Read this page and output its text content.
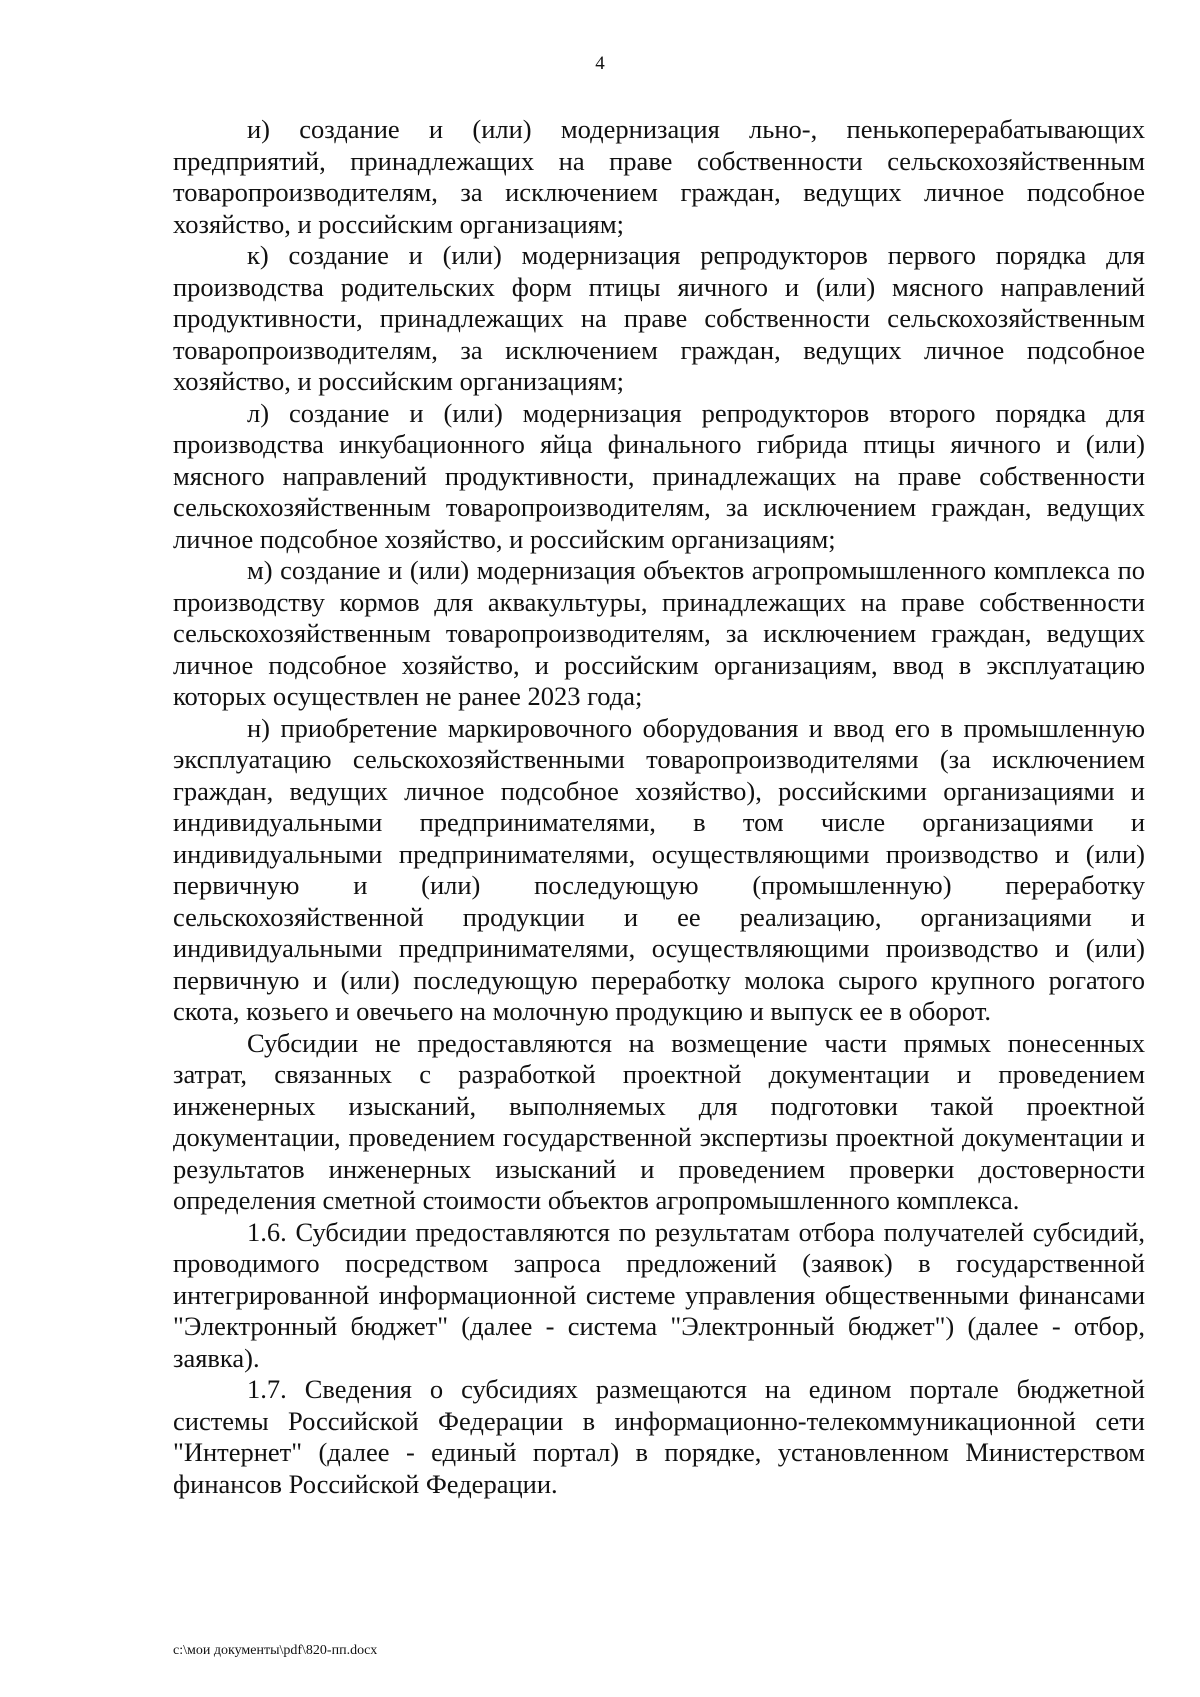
4

и) создание и (или) модернизация льно-, пенькоперерабатывающих предприятий, принадлежащих на праве собственности сельскохозяйственным товаропроизводителям, за исключением граждан, ведущих личное подсобное хозяйство, и российским организациям;

к) создание и (или) модернизация репродукторов первого порядка для производства родительских форм птицы яичного и (или) мясного направлений продуктивности, принадлежащих на праве собственности сельскохозяйственным товаропроизводителям, за исключением граждан, ведущих личное подсобное хозяйство, и российским организациям;

л) создание и (или) модернизация репродукторов второго порядка для производства инкубационного яйца финального гибрида птицы яичного и (или) мясного направлений продуктивности, принадлежащих на праве собственности сельскохозяйственным товаропроизводителям, за исключением граждан, ведущих личное подсобное хозяйство, и российским организациям;

м) создание и (или) модернизация объектов агропромышленного комплекса по производству кормов для аквакультуры, принадлежащих на праве собственности сельскохозяйственным товаропроизводителям, за исключением граждан, ведущих личное подсобное хозяйство, и российским организациям, ввод в эксплуатацию которых осуществлен не ранее 2023 года;

н) приобретение маркировочного оборудования и ввод его в промышленную эксплуатацию сельскохозяйственными товаропроизводителями (за исключением граждан, ведущих личное подсобное хозяйство), российскими организациями и индивидуальными предпринимателями, в том числе организациями и индивидуальными предпринимателями, осуществляющими производство и (или) первичную и (или) последующую (промышленную) переработку сельскохозяйственной продукции и ее реализацию, организациями и индивидуальными предпринимателями, осуществляющими производство и (или) первичную и (или) последующую переработку молока сырого крупного рогатого скота, козьего и овечьего на молочную продукцию и выпуск ее в оборот.

Субсидии не предоставляются на возмещение части прямых понесенных затрат, связанных с разработкой проектной документации и проведением инженерных изысканий, выполняемых для подготовки такой проектной документации, проведением государственной экспертизы проектной документации и результатов инженерных изысканий и проведением проверки достоверности определения сметной стоимости объектов агропромышленного комплекса.

1.6. Субсидии предоставляются по результатам отбора получателей субсидий, проводимого посредством запроса предложений (заявок) в государственной интегрированной информационной системе управления общественными финансами "Электронный бюджет" (далее - система "Электронный бюджет") (далее - отбор, заявка).

1.7. Сведения о субсидиях размещаются на едином портале бюджетной системы Российской Федерации в информационно-телекоммуникационной сети "Интернет" (далее - единый портал) в порядке, установленном Министерством финансов Российской Федерации.

c:\мои документы\pdf\820-пп.docx
